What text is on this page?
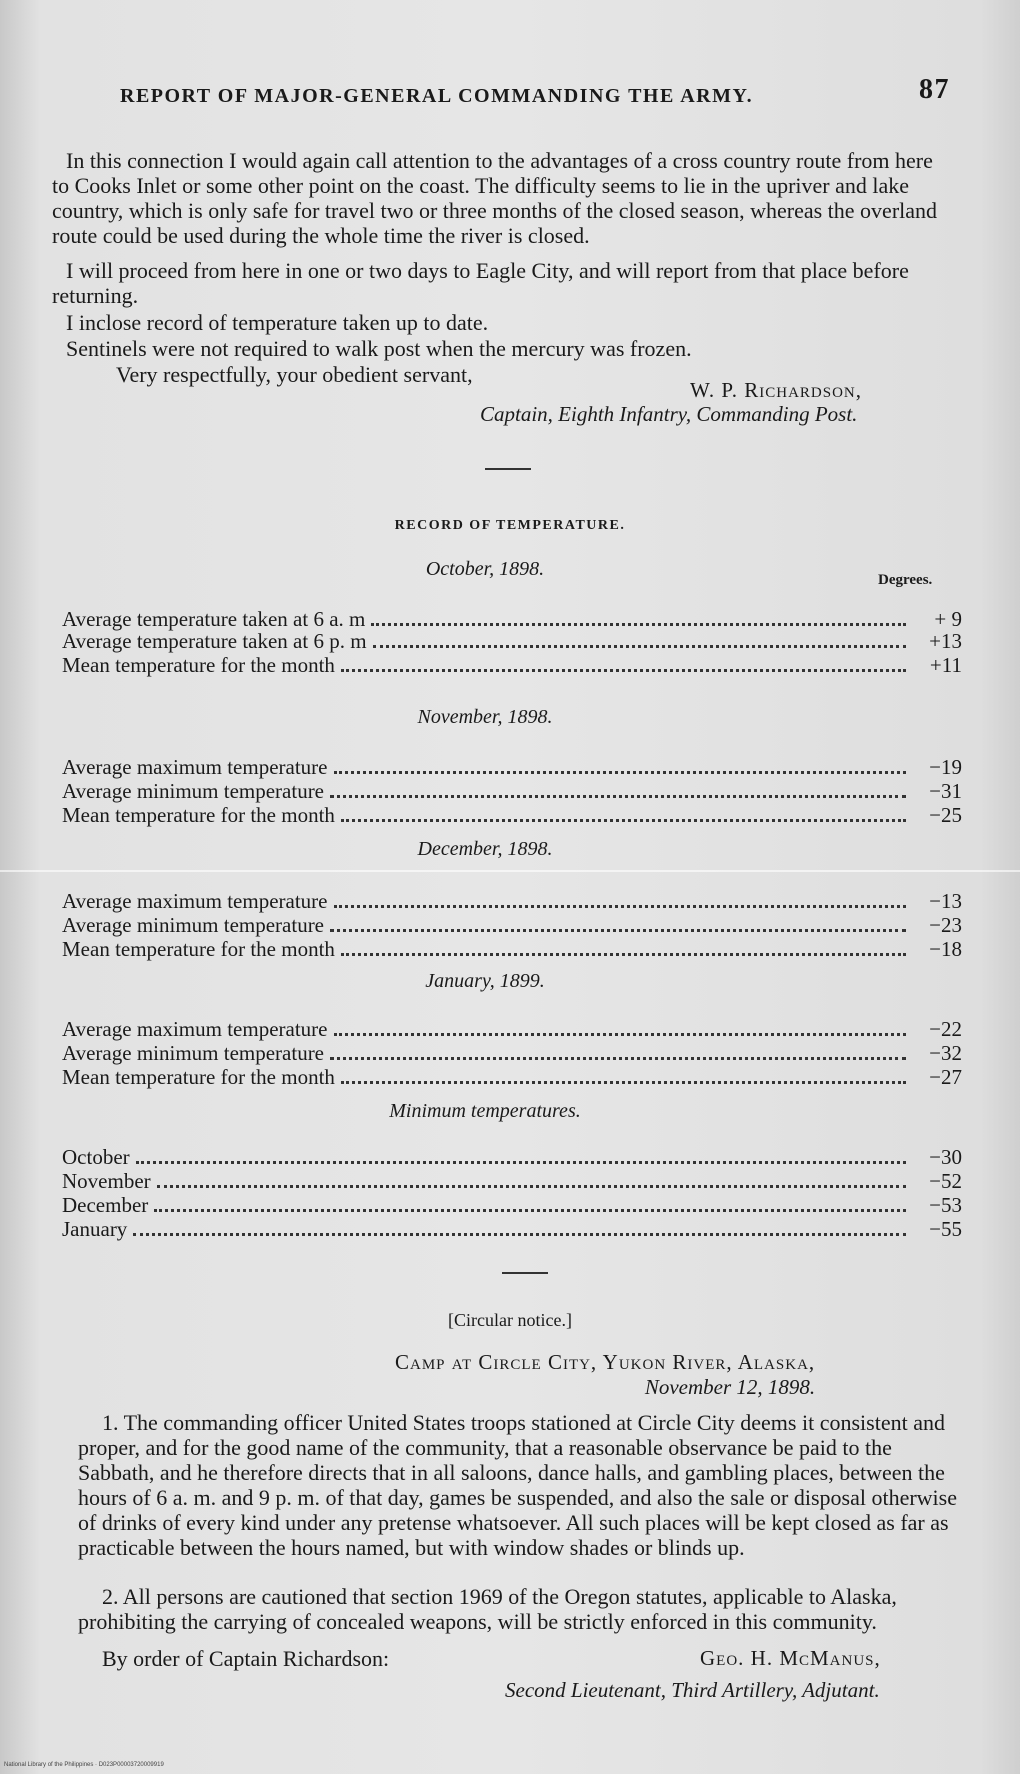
REPORT OF MAJOR-GENERAL COMMANDING THE ARMY.	87
In this connection I would again call attention to the advantages of a cross country route from here to Cooks Inlet or some other point on the coast. The difficulty seems to lie in the upriver and lake country, which is only safe for travel two or three months of the closed season, whereas the overland route could be used during the whole time the river is closed.
I will proceed from here in one or two days to Eagle City, and will report from that place before returning.
I inclose record of temperature taken up to date.
Sentinels were not required to walk post when the mercury was frozen.
Very respectfully, your obedient servant,
W. P. Richardson,
Captain, Eighth Infantry, Commanding Post.
RECORD OF TEMPERATURE.
October, 1898.	Degrees.
Average temperature taken at 6 a. m	+ 9
Average temperature taken at 6 p. m	+13
Mean temperature for the month	+11
Average maximum temperature	−19
Average minimum temperature	−31
Mean temperature for the month	−25
Average maximum temperature	−13
Average minimum temperature	−23
Mean temperature for the month	−18
Average maximum temperature	−22
Average minimum temperature	−32
Mean temperature for the month	−27
October	−30
November	−52
December	−53
January	−55
November, 1898.
December, 1898.
January, 1899.
Minimum temperatures.
[Circular notice.]
Camp at Circle City, Yukon River, Alaska,
November 12, 1898.
1. The commanding officer United States troops stationed at Circle City deems it consistent and proper, and for the good name of the community, that a reasonable observance be paid to the Sabbath, and he therefore directs that in all saloons, dance halls, and gambling places, between the hours of 6 a. m. and 9 p. m. of that day, games be suspended, and also the sale or disposal otherwise of drinks of every kind under any pretense whatsoever. All such places will be kept closed as far as practicable between the hours named, but with window shades or blinds up.
2. All persons are cautioned that section 1969 of the Oregon statutes, applicable to Alaska, prohibiting the carrying of concealed weapons, will be strictly enforced in this community.
By order of Captain Richardson:	Geo. H. McManus,
Second Lieutenant, Third Artillery, Adjutant.
National Library of the Philippines · D023P00003720009919
